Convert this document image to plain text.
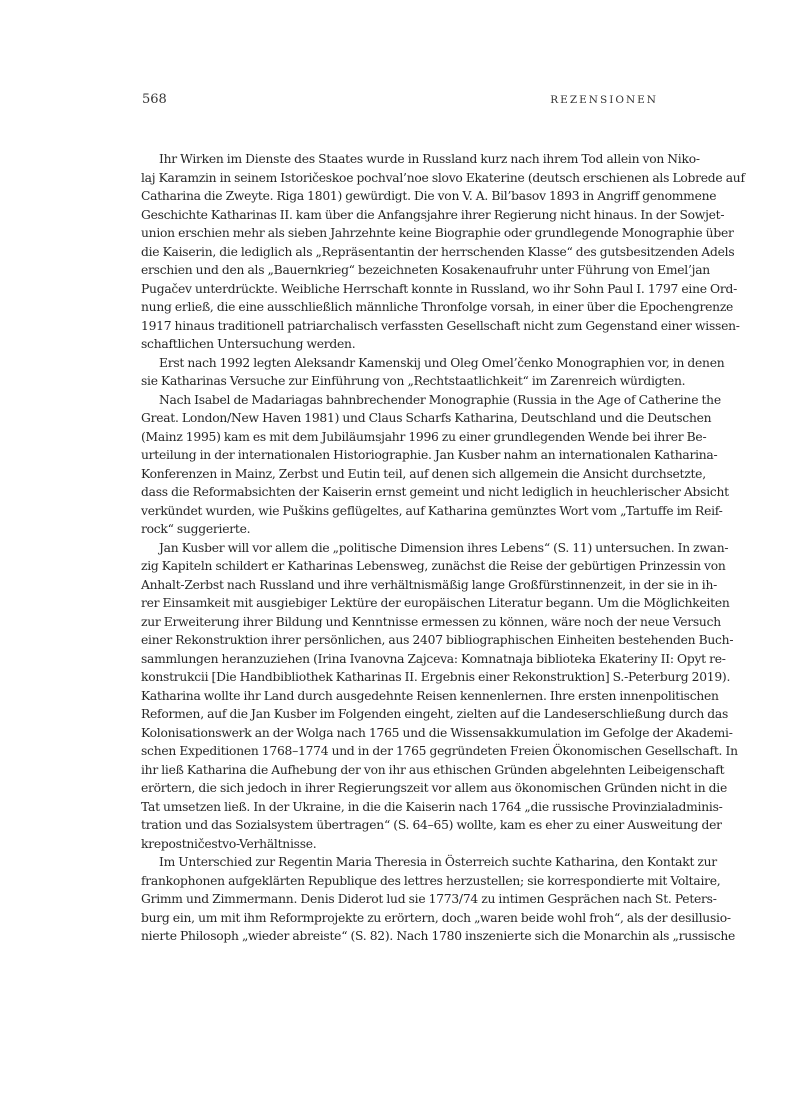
568	REZENSIONEN
Ihr Wirken im Dienste des Staates wurde in Russland kurz nach ihrem Tod allein von Niko-
laj Karamzin in seinem Istoričeskoe pochval’noe slovo Ekaterine (deutsch erschienen als Lobrede auf
Catharina die Zweyte. Riga 1801) gewürdigt. Die von V. A. Bil’basov 1893 in Angriff genommene
Geschichte Katharinas II. kam über die Anfangsjahre ihrer Regierung nicht hinaus. In der Sowjet-
union erschien mehr als sieben Jahrzehnte keine Biographie oder grundlegende Monographie über
die Kaiserin, die lediglich als „Repräsentantin der herrschenden Klasse“ des gutsbesitzenden Adels
erschien und den als „Bauernkrieg“ bezeichneten Kosakenaufruhr unter Führung von Emel’jan
Pugačev unterdrückte. Weibliche Herrschaft konnte in Russland, wo ihr Sohn Paul I. 1797 eine Ord-
nung erließ, die eine ausschließlich männliche Thronfolge vorsah, in einer über die Epochengrenze
1917 hinaus traditionell patriarchalisch verfassten Gesellschaft nicht zum Gegenstand einer wissen-
schaftlichen Untersuchung werden.
Erst nach 1992 legten Aleksandr Kamenskij und Oleg Omel’čenko Monographien vor, in denen
sie Katharinas Versuche zur Einführung von „Rechtstaatlichkeit“ im Zarenreich würdigten.
Nach Isabel de Madariagas bahnbrechender Monographie (Russia in the Age of Catherine the
Great. London/New Haven 1981) und Claus Scharfs Katharina, Deutschland und die Deutschen
(Mainz 1995) kam es mit dem Jubiläumsjahr 1996 zu einer grundlegenden Wende bei ihrer Be-
urteilung in der internationalen Historiographie. Jan Kusber nahm an internationalen Katharina-
Konferenzen in Mainz, Zerbst und Eutin teil, auf denen sich allgemein die Ansicht durchsetzte,
dass die Reformabsichten der Kaiserin ernst gemeint und nicht lediglich in heuchlerischer Absicht
verkündet wurden, wie Puškins geflügeltes, auf Katharina gemünztes Wort vom „Tartuffe im Reif-
rock“ suggerierte.
Jan Kusber will vor allem die „politische Dimension ihres Lebens“ (S. 11) untersuchen. In zwan-
zig Kapiteln schildert er Katharinas Lebensweg, zunächst die Reise der gebürtigen Prinzessin von
Anhalt-Zerbst nach Russland und ihre verhältnismäßig lange Großfürstinnenzeit, in der sie in ih-
rer Einsamkeit mit ausgiebiger Lektüre der europäischen Literatur begann. Um die Möglichkeiten
zur Erweiterung ihrer Bildung und Kenntnisse ermessen zu können, wäre noch der neue Versuch
einer Rekonstruktion ihrer persönlichen, aus 2407 bibliographischen Einheiten bestehenden Buch-
sammlungen heranzuziehen (Irina Ivanovna Zajceva: Komnatnaja biblioteka Ekateriny II: Opyt re-
konstrukcii [Die Handbibliothek Katharinas II. Ergebnis einer Rekonstruktion] S.-Peterburg 2019).
Katharina wollte ihr Land durch ausgedehnte Reisen kennenlernen. Ihre ersten innenpolitischen
Reformen, auf die Jan Kusber im Folgenden eingeht, zielten auf die Landeserschließung durch das
Kolonisationswerk an der Wolga nach 1765 und die Wissensakkumulation im Gefolge der Akademi-
schen Expeditionen 1768–1774 und in der 1765 gegründeten Freien Ökonomischen Gesellschaft. In
ihr ließ Katharina die Aufhebung der von ihr aus ethischen Gründen abgelehnten Leibeigenschaft
erörtern, die sich jedoch in ihrer Regierungszeit vor allem aus ökonomischen Gründen nicht in die
Tat umsetzen ließ. In der Ukraine, in die die Kaiserin nach 1764 „die russische Provinzialadminis-
tration und das Sozialsystem übertragen“ (S. 64–65) wollte, kam es eher zu einer Ausweitung der
krepostničestvo-Verhältnisse.
Im Unterschied zur Regentin Maria Theresia in Österreich suchte Katharina, den Kontakt zur
frankophonen aufgeklärten Republique des lettres herzustellen; sie korrespondierte mit Voltaire,
Grimm und Zimmermann. Denis Diderot lud sie 1773/74 zu intimen Gesprächen nach St. Peters-
burg ein, um mit ihm Reformprojekte zu erörtern, doch „waren beide wohl froh“, als der desillusio-
nierte Philosoph „wieder abreiste“ (S. 82). Nach 1780 inszenierte sich die Monarchin als „russische
